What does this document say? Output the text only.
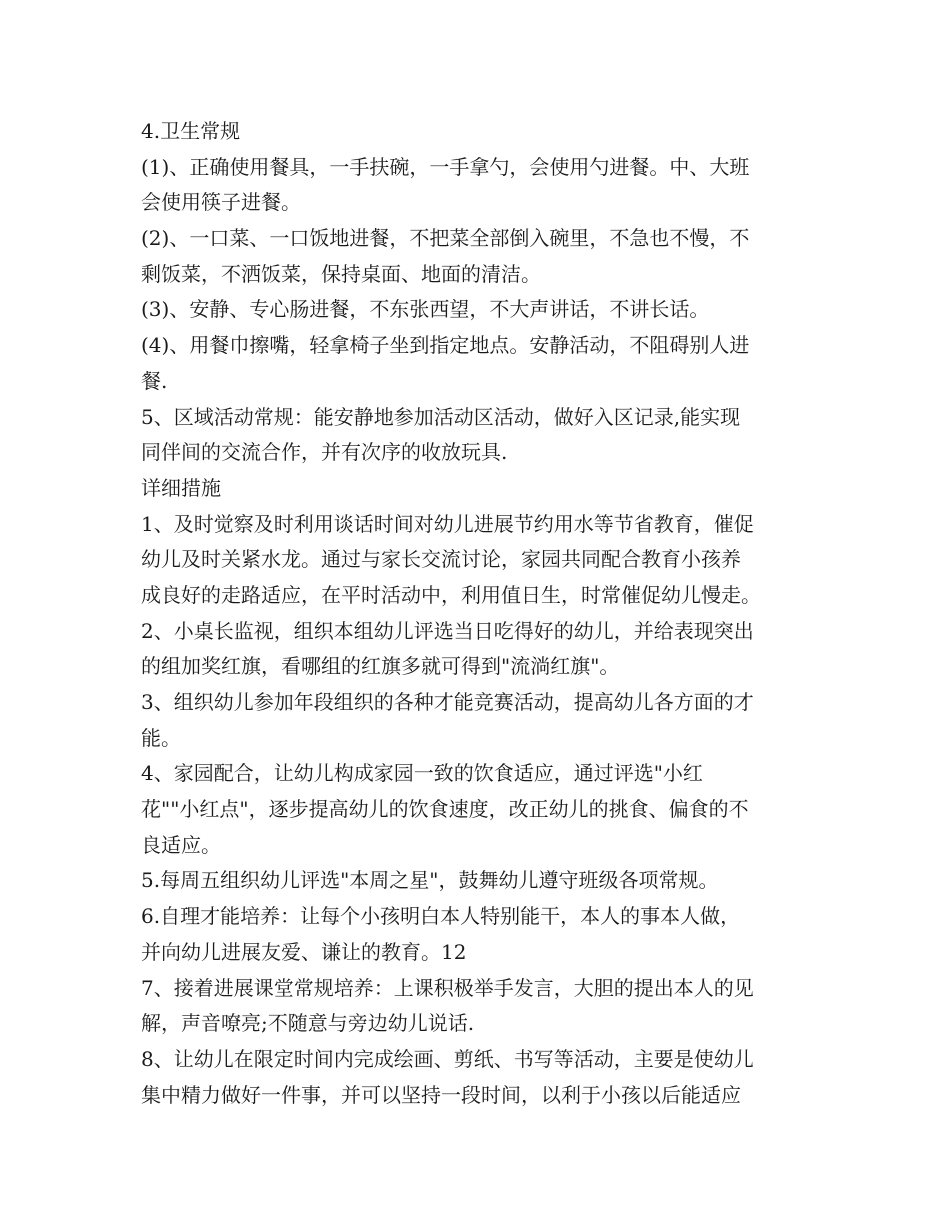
4.卫生常规
(1)、正确使用餐具，一手扶碗，一手拿勺，会使用勺进餐。中、大班
会使用筷子进餐。
(2)、一口菜、一口饭地进餐，不把菜全部倒入碗里，不急也不慢，不
剩饭菜，不洒饭菜，保持桌面、地面的清洁。
(3)、安静、专心肠进餐，不东张西望，不大声讲话，不讲长话。
(4)、用餐巾擦嘴，轻拿椅子坐到指定地点。安静活动，不阻碍别人进
餐.
5、区域活动常规：能安静地参加活动区活动，做好入区记录,能实现
同伴间的交流合作，并有次序的收放玩具.
详细措施
1、及时觉察及时利用谈话时间对幼儿进展节约用水等节省教育，催促
幼儿及时关紧水龙。通过与家长交流讨论，家园共同配合教育小孩养
成良好的走路适应，在平时活动中，利用值日生，时常催促幼儿慢走。
2、小桌长监视，组织本组幼儿评选当日吃得好的幼儿，并给表现突出
的组加奖红旗，看哪组的红旗多就可得到"流淌红旗"。
3、组织幼儿参加年段组织的各种才能竞赛活动，提高幼儿各方面的才
能。
4、家园配合，让幼儿构成家园一致的饮食适应，通过评选"小红
花""小红点"，逐步提高幼儿的饮食速度，改正幼儿的挑食、偏食的不
良适应。
5.每周五组织幼儿评选"本周之星"，鼓舞幼儿遵守班级各项常规。
6.自理才能培养：让每个小孩明白本人特别能干，本人的事本人做，
并向幼儿进展友爱、谦让的教育。12
7、接着进展课堂常规培养：上课积极举手发言，大胆的提出本人的见
解，声音嘹亮;不随意与旁边幼儿说话.
8、让幼儿在限定时间内完成绘画、剪纸、书写等活动，主要是使幼儿
集中精力做好一件事，并可以坚持一段时间，以利于小孩以后能适应
